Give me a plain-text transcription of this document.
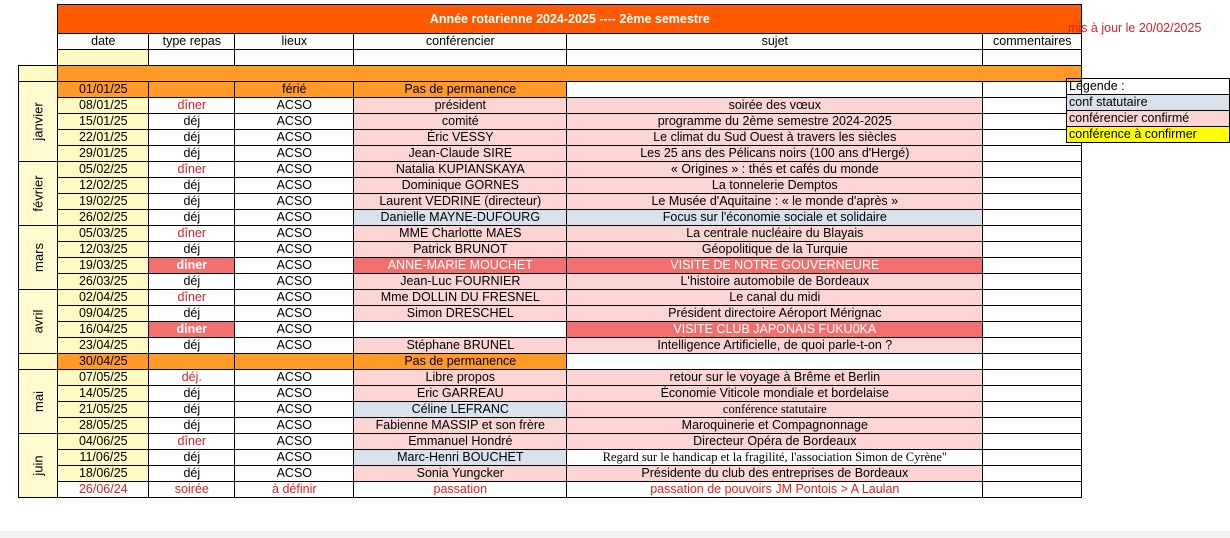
	Année rotarienne 2024-2025 ---- 2ème semestre					
	date	type repas	lieux	conférencier	sujet	commentaires

janvier	01/01/25		férié	Pas de permanence		
	08/01/25	dîner	ACSO	président	soirée des vœux	
	15/01/25	déj	ACSO	comité	programme du 2ème semestre 2024-2025	
	22/01/25	déj	ACSO	Éric VESSY	Le climat du Sud Ouest à travers les siècles	
	29/01/25	déj	ACSO	Jean-Claude SIRE	Les 25 ans des Pélicans noirs (100 ans d'Hergé)	
février	05/02/25	dîner	ACSO	Natalia KUPIANSKAYA	« Origines » : thés et cafés du monde	
	12/02/25	déj	ACSO	Dominique GORNES	La tonnelerie Demptos	
	19/02/25	déj	ACSO	Laurent VEDRINE (directeur)	Le Musée d'Aquitaine : « le monde d'après »	
	26/02/25	déj	ACSO	Danielle MAYNE-DUFOURG	Focus sur l'économie sociale et solidaire	
mars	05/03/25	dîner	ACSO	MME Charlotte MAES	La centrale nucléaire du Blayais	
	12/03/25	déj	ACSO	Patrick BRUNOT	Géopolitique de la Turquie	
	19/03/25	diner	ACSO	ANNE-MARIE MOUCHET	VISITE DE NOTRE GOUVERNEURE	
	26/03/25	déj	ACSO	Jean-Luc FOURNIER	L'histoire automobile de Bordeaux	
avril	02/04/25	dîner	ACSO	Mme DOLLIN DU FRESNEL	Le canal du midi	
	09/04/25	déj	ACSO	Simon DRESCHEL	Président directoire Aéroport Mérignac	
	16/04/25	diner	ACSO		VISITE CLUB JAPONAIS FUKU0KA	
	23/04/25	déj	ACSO	Stéphane BRUNEL	Intelligence Artificielle, de quoi parle-t-on ?	
	30/04/25			Pas de permanence		
mai	07/05/25	déj.	ACSO	Libre propos	retour sur le voyage à Brême et Berlin	
	14/05/25	déj	ACSO	Eric GARREAU	Économie Viticole mondiale et bordelaise	
	21/05/25	déj	ACSO	Céline LEFRANC	conférence statutaire	
	28/05/25	déj	ACSO	Fabienne MASSIP et son frère	Maroquinerie et Compagnonnage	
juin	04/06/25	dîner	ACSO	Emmanuel Hondré	Directeur Opéra de Bordeaux	
	11/06/25	déj	ACSO	Marc-Henri BOUCHET	Regard sur le handicap et la fragilité, l'association Simon de Cyrène"	
	18/06/25	déj	ACSO	Sonia Yungcker	Présidente du club des entreprises de Bordeaux	
	26/06/24	soirée	à définir	passation	passation de pouvoirs JM Pontois > A Laulan	
mis à jour le 20/02/2025
Légende :
conf statutaire
conférencier confirmé
conférence à confirmer
